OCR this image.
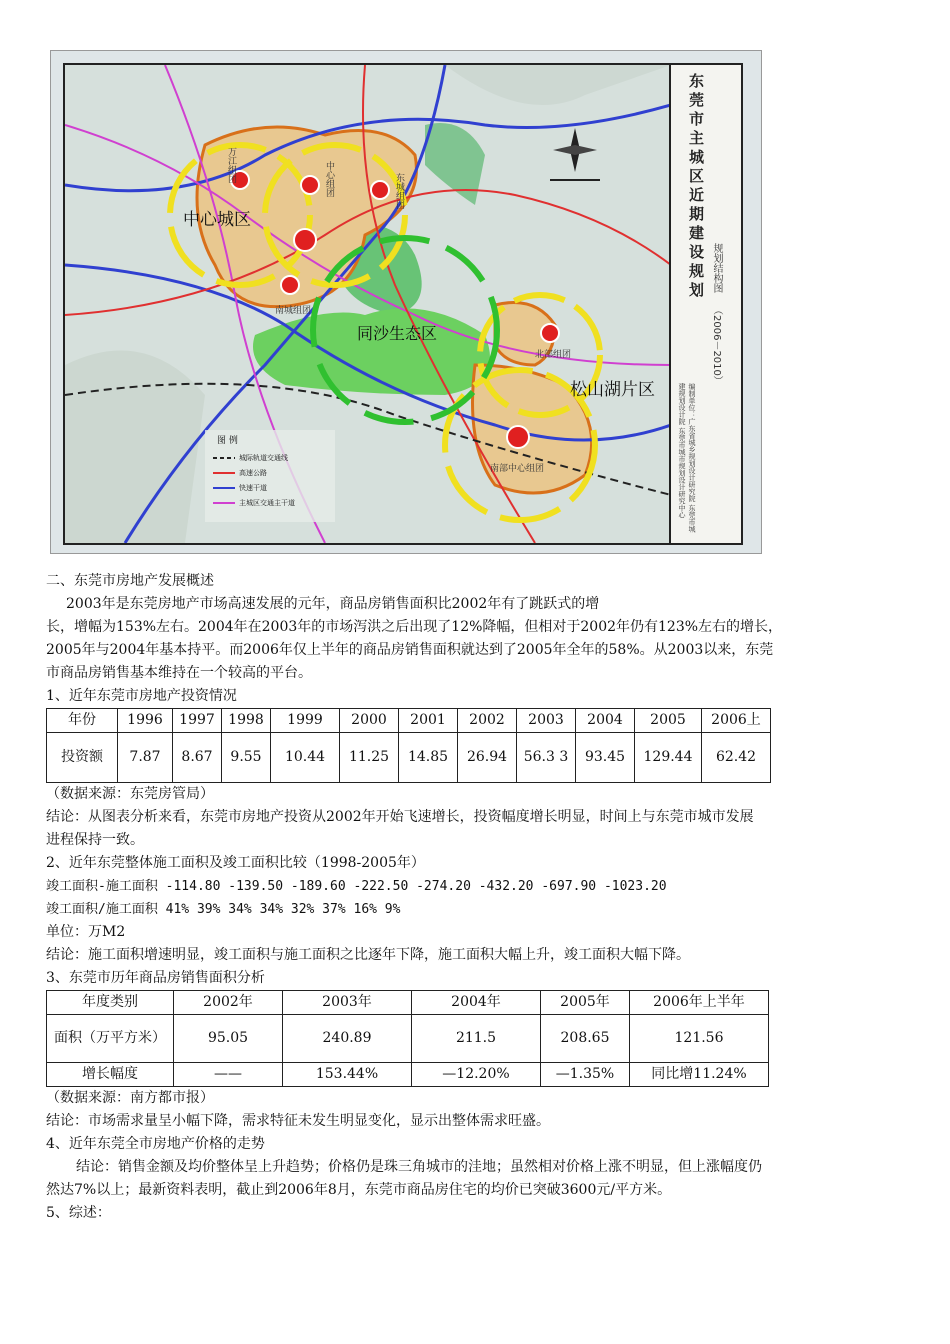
中心城区
同沙生态区
松山湖片区
北部组团
南部中心组团
万江组团	中心组团	东城组团
南城组团
图 例
城际轨道交通线
高速公路
快速干道
主城区交通主干道
东莞市主城区近期建设规划 规划结构图
（2006－2010）
编制单位：广东省城乡规划设计研究院 东莞市城建规划设计院 东莞市城市规划设计研究中心

二、东莞市房地产发展概述

2003年是东莞房地产市场高速发展的元年，商品房销售面积比2002年有了跳跃式的增

长，增幅为153%左右。2004年在2003年的市场泻洪之后出现了12%降幅，但相对于2002年仍有123%左右的增长，

2005年与2004年基本持平。而2006年仅上半年的商品房销售面积就达到了2005年全年的58%。从2003以来，东莞

市商品房销售基本维持在一个较高的平台。

1、近年东莞市房地产投资情况

年份	1996	1997	1998	1999	2000	2001	2002	2003	2004	2005	2006上
投资额	7.87	8.67	9.55	10.44	11.25	14.85	26.94	56.3 3	93.45	129.44	62.42

（数据来源：东莞房管局）

结论：从图表分析来看，东莞市房地产投资从2002年开始飞速增长，投资幅度增长明显，时间上与东莞市城市发展

进程保持一致。

2、近年东莞整体施工面积及竣工面积比较（1998-2005年）

竣工面积-施工面积 -114.80 -139.50 -189.60 -222.50 -274.20 -432.20 -697.90 -1023.20

竣工面积/施工面积 41% 39% 34% 34% 32% 37% 16% 9%

单位：万M2

结论：施工面积增速明显，竣工面积与施工面积之比逐年下降，施工面积大幅上升，竣工面积大幅下降。

3、东莞市历年商品房销售面积分析

年度类别	2002年	2003年	2004年	2005年	2006年上半年
面积（万平方米）	95.05	240.89	211.5	208.65	121.56
增长幅度	——	153.44%	—12.20%	—1.35%	同比增11.24%

（数据来源：南方都市报）

结论：市场需求量呈小幅下降，需求特征未发生明显变化，显示出整体需求旺盛。

4、近年东莞全市房地产价格的走势

结论：销售金额及均价整体呈上升趋势；价格仍是珠三角城市的洼地；虽然相对价格上涨不明显，但上涨幅度仍

然达7%以上；最新资料表明，截止到2006年8月，东莞市商品房住宅的均价已突破3600元/平方米。

5、综述：
